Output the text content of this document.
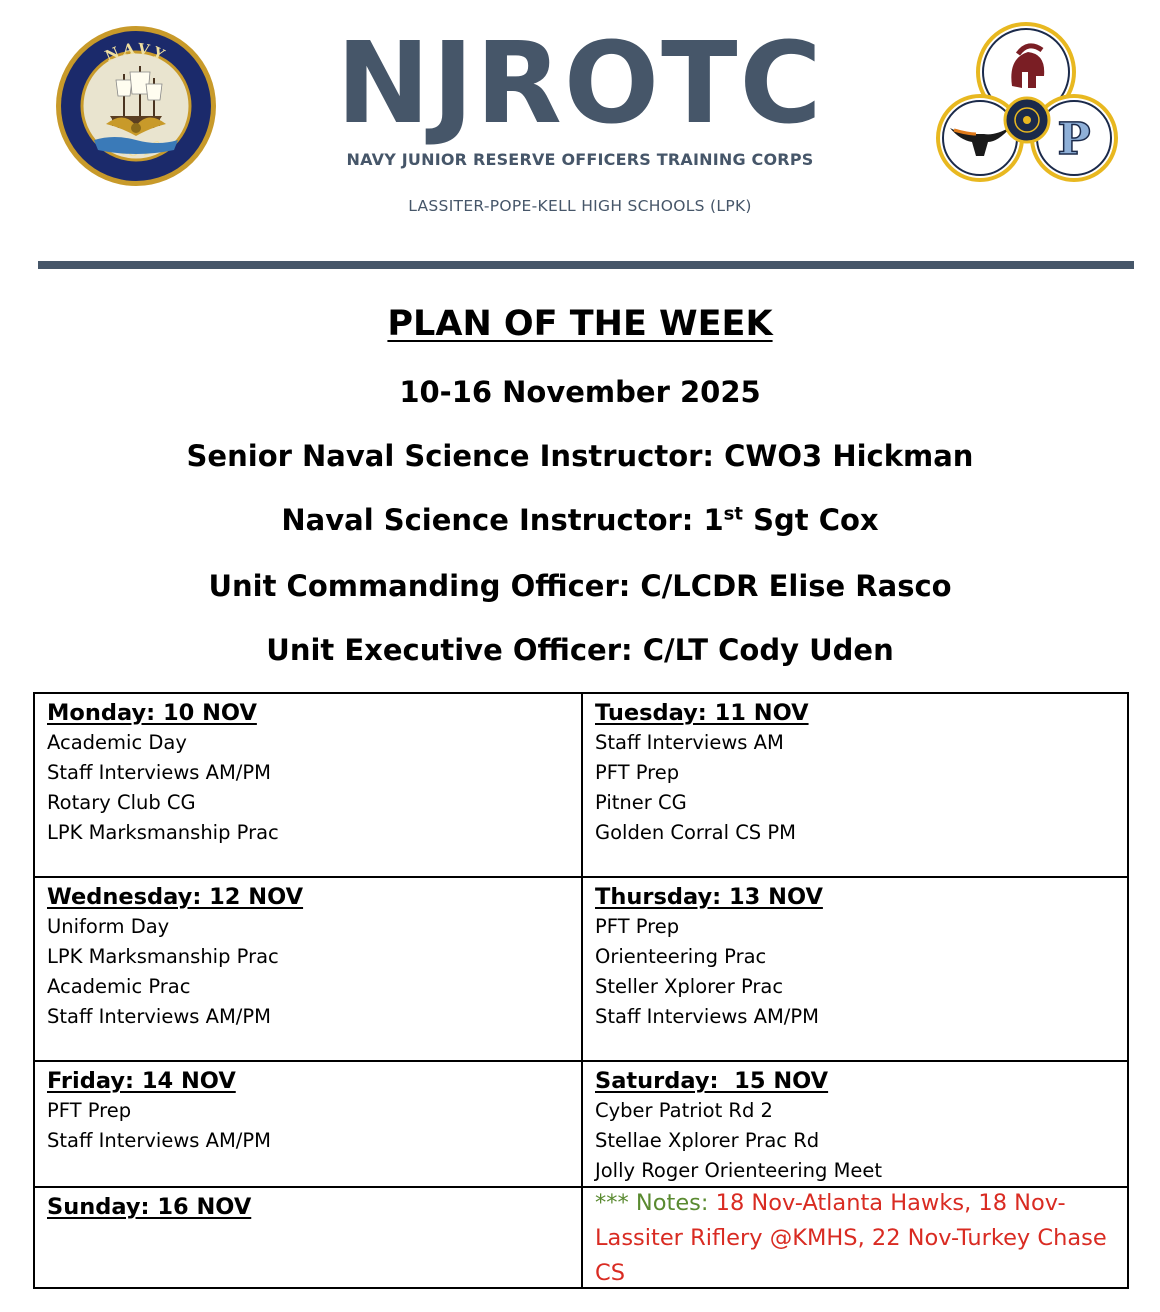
NAVY	NJROTC
NAVY JUNIOR RESERVE OFFICERS TRAINING CORPS
LASSITER-POPE-KELL HIGH SCHOOLS (LPK)
P
PLAN OF THE WEEK
10-16 November 2025
Senior Naval Science Instructor: CWO3 Hickman
Naval Science Instructor: 1st Sgt Cox
Unit Commanding Officer: C/LCDR Elise Rasco
Unit Executive Officer: C/LT Cody Uden
Monday: 10 NOV
Academic Day
Staff Interviews AM/PM
Rotary Club CG
LPK Marksmanship Prac
Tuesday: 11 NOV
Staff Interviews AM
PFT Prep
Pitner CG
Golden Corral CS PM
Wednesday: 12 NOV
Uniform Day
LPK Marksmanship Prac
Academic Prac
Staff Interviews AM/PM
Thursday: 13 NOV
PFT Prep
Orienteering Prac
Steller Xplorer Prac
Staff Interviews AM/PM
Friday: 14 NOV
PFT Prep
Staff Interviews AM/PM
Saturday:  15 NOV
Cyber Patriot Rd 2
Stellae Xplorer Prac Rd
Jolly Roger Orienteering Meet
Sunday: 16 NOV	*** Notes: 18 Nov-Atlanta Hawks, 18 Nov-Lassiter Riflery @KMHS, 22 Nov-Turkey Chase CS
